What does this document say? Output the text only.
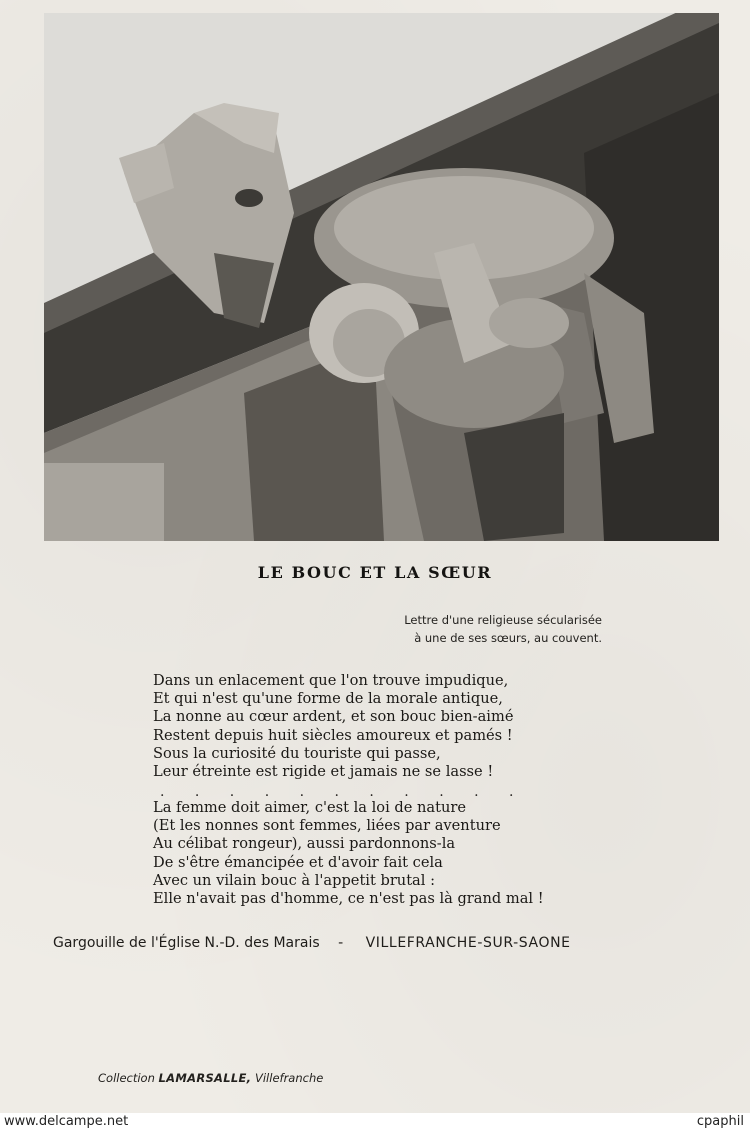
LE BOUC ET LA SŒUR
Lettre d'une religieuse sécularisée
à une de ses sœurs, au couvent.
Dans un enlacement que l'on trouve impudique,
Et qui n'est qu'une forme de la morale antique,
La nonne au cœur ardent, et son bouc bien-aimé
Restent depuis huit siècles amoureux et pamés !
Sous la curiosité du touriste qui passe,
Leur étreinte est rigide et jamais ne se lasse !
. . . . . . . . . . .
La femme doit aimer, c'est la loi de nature
(Et les nonnes sont femmes, liées par aventure
Au célibat rongeur), aussi pardonnons-la
De s'être émancipée et d'avoir fait cela
Avec un vilain bouc à l'appetit brutal :
Elle n'avait pas d'homme, ce n'est pas là grand mal !
Gargouille de l'Église N.-D. des Marais - VILLEFRANCHE-SUR-SAONE
Collection LAMARSALLE, Villefranche
www.delcampe.net	cpaphil
